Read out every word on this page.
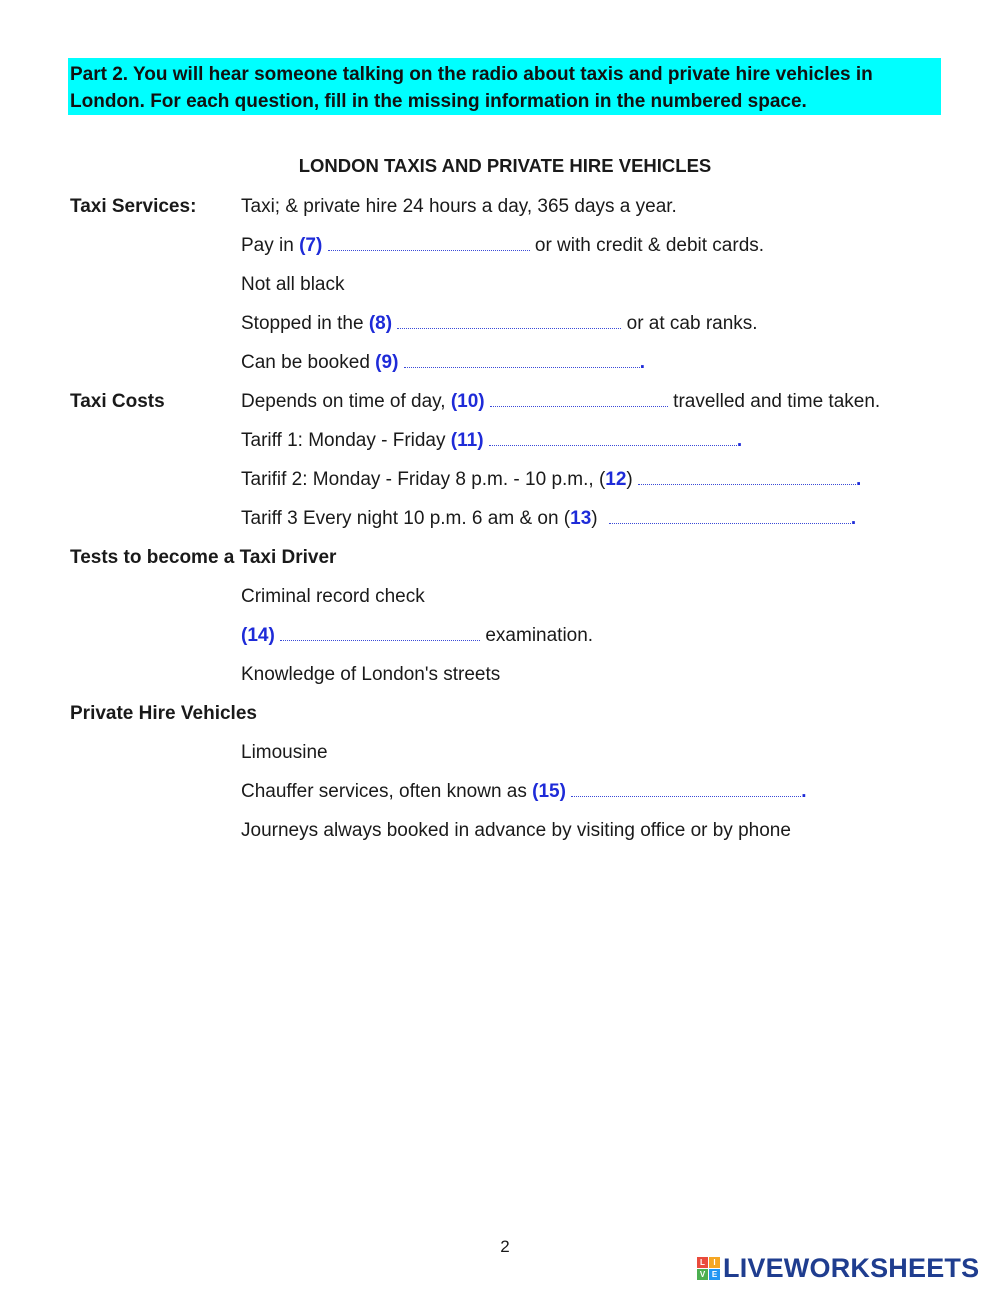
Part 2. You will hear someone talking on the radio about taxis and private hire vehicles in London. For each question, fill in the missing information in the numbered space.
LONDON TAXIS AND PRIVATE HIRE VEHICLES
Taxi Services: Taxi; & private hire 24 hours a day, 365 days a year.
Pay in (7)	or with credit & debit cards.
Not all black
Stopped in the (8)	or at cab ranks.
Can be booked (9)	.
Taxi Costs	Depends on time of day, (10)	travelled and time taken.
Tariff 1: Monday - Friday (11)	.
Tarifif 2: Monday - Friday 8 p.m. - 10 p.m., (12)	.
Tariff 3 Every night 10 p.m. 6 am & on (13)	.
Tests to become a Taxi Driver
Criminal record check
(14)	examination.
Knowledge of London's streets
Private Hire Vehicles
Limousine
Chauffer services, often known as (15)	.
Journeys always booked in advance by visiting office or by phone
2
L	I
V E LIVEWORKSHEETS
